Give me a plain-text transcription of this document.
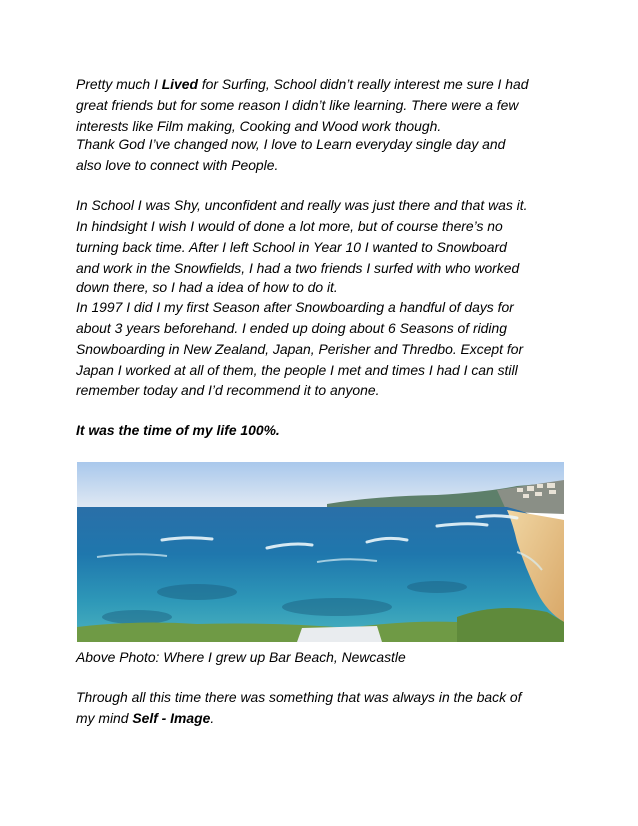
Pretty much I Lived for Surfing, School didn’t really interest me sure I had
great friends but for some reason I didn’t like learning. There were a few
interests like Film making, Cooking and Wood work though.
Thank God I’ve changed now, I love to Learn everyday single day and
also love to connect with People.
In School I was Shy, unconfident and really was just there and that was it.
In hindsight I wish I would of done a lot more, but of course there’s no
turning back time. After I left School in Year 10 I wanted to Snowboard
and work in the Snowfields, I had a two friends I surfed with who worked
down there, so I had a idea of how to do it.
In 1997 I did I my first Season after Snowboarding a handful of days for
about 3 years beforehand. I ended up doing about 6 Seasons of riding
Snowboarding in New Zealand, Japan, Perisher and Thredbo. Except for
Japan I worked at all of them, the people I met and times I had I can still
remember today and I’d recommend it to anyone.
It was the time of my life 100%.
Above Photo: Where I grew up Bar Beach, Newcastle
Through all this time there was something that was always in the back of
my mind Self - Image.
